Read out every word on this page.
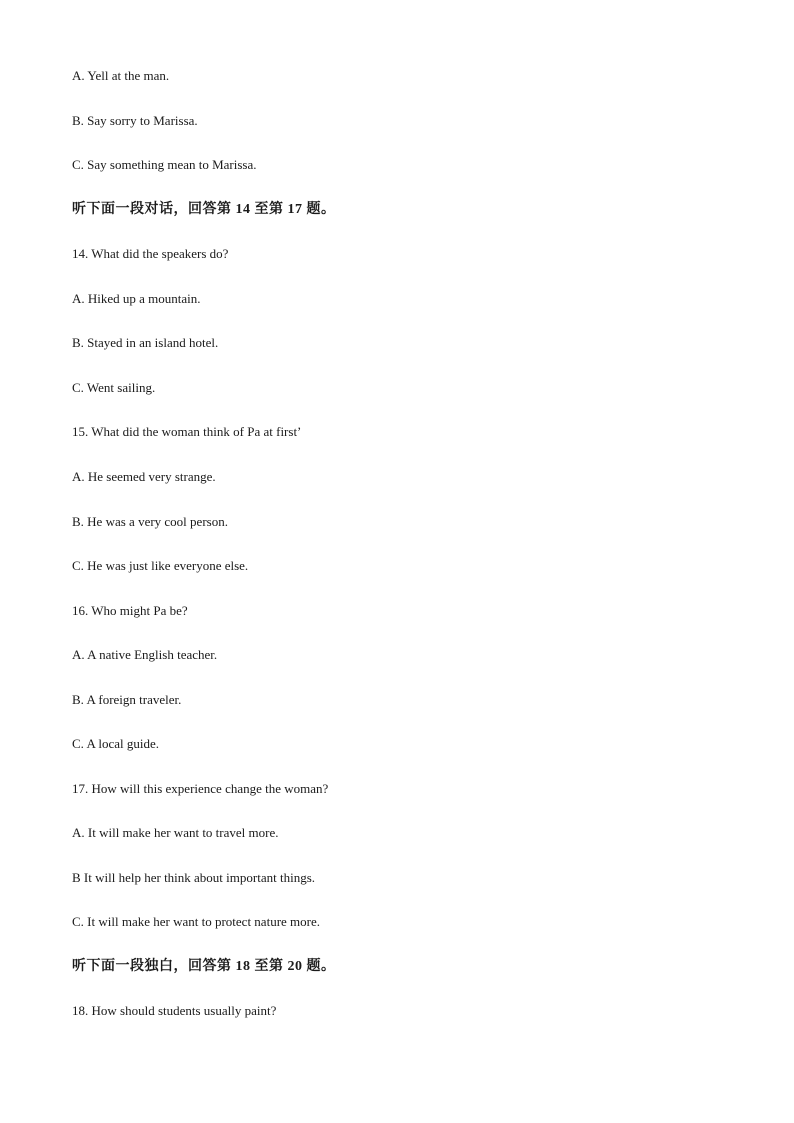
A. Yell at the man.
B. Say sorry to Marissa.
C. Say something mean to Marissa.
听下面一段对话，回答第 14 至第 17 题。
14. What did the speakers do?
A. Hiked up a mountain.
B. Stayed in an island hotel.
C. Went sailing.
15. What did the woman think of Pa at first’
A. He seemed very strange.
B. He was a very cool person.
C. He was just like everyone else.
16. Who might Pa be?
A. A native English teacher.
B. A foreign traveler.
C. A local guide.
17. How will this experience change the woman?
A. It will make her want to travel more.
B It will help her think about important things.
C. It will make her want to protect nature more.
听下面一段独白，回答第 18 至第 20 题。
18. How should students usually paint?
